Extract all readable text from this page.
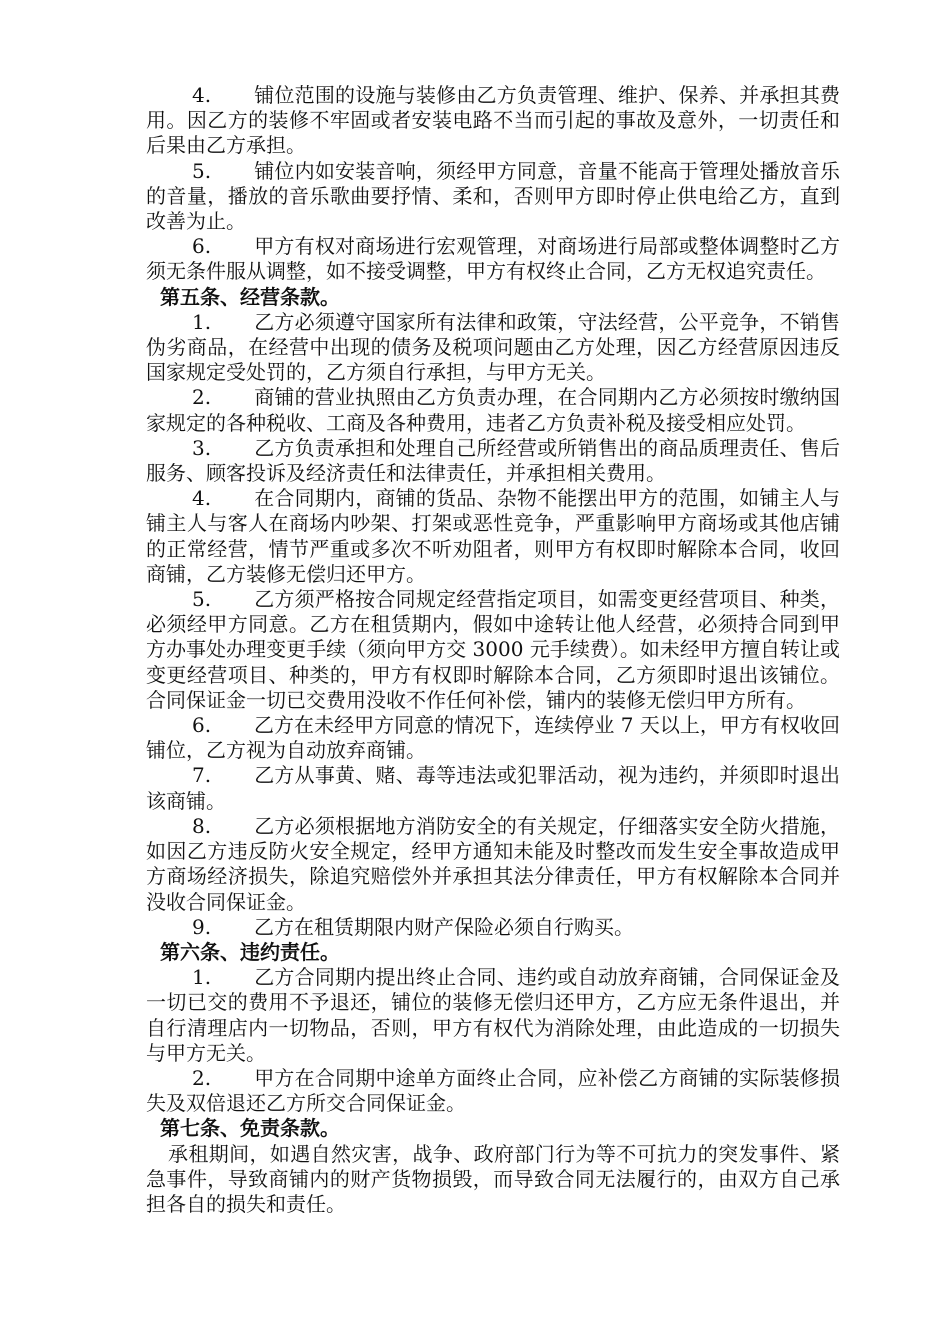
4. 铺位范围的设施与装修由乙方负责管理、维护、保养、并承担其费用。因乙方的装修不牢固或者安装电路不当而引起的事故及意外，一切责任和后果由乙方承担。

5. 铺位内如安装音响，须经甲方同意，音量不能高于管理处播放音乐的音量，播放的音乐歌曲要抒情、柔和，否则甲方即时停止供电给乙方，直到改善为止。

6. 甲方有权对商场进行宏观管理，对商场进行局部或整体调整时乙方须无条件服从调整，如不接受调整，甲方有权终止合同，乙方无权追究责任。

第五条、经营条款。

1. 乙方必须遵守国家所有法律和政策，守法经营，公平竞争，不销售伪劣商品，在经营中出现的债务及税项问题由乙方处理，因乙方经营原因违反国家规定受处罚的，乙方须自行承担，与甲方无关。

2. 商铺的营业执照由乙方负责办理，在合同期内乙方必须按时缴纳国家规定的各种税收、工商及各种费用，违者乙方负责补税及接受相应处罚。

3. 乙方负责承担和处理自己所经营或所销售出的商品质理责任、售后服务、顾客投诉及经济责任和法律责任，并承担相关费用。

4. 在合同期内，商铺的货品、杂物不能摆出甲方的范围，如铺主人与铺主人与客人在商场内吵架、打架或恶性竞争，严重影响甲方商场或其他店铺的正常经营，情节严重或多次不听劝阻者，则甲方有权即时解除本合同，收回商铺，乙方装修无偿归还甲方。

5. 乙方须严格按合同规定经营指定项目，如需变更经营项目、种类，必须经甲方同意。乙方在租赁期内，假如中途转让他人经营，必须持合同到甲方办事处办理变更手续（须向甲方交 3000 元手续费）。如未经甲方擅自转让或变更经营项目、种类的，甲方有权即时解除本合同，乙方须即时退出该铺位。合同保证金一切已交费用没收不作任何补偿，铺内的装修无偿归甲方所有。

6. 乙方在未经甲方同意的情况下，连续停业 7 天以上，甲方有权收回铺位，乙方视为自动放弃商铺。

7. 乙方从事黄、赌、毒等违法或犯罪活动，视为违约，并须即时退出该商铺。

8. 乙方必须根据地方消防安全的有关规定，仔细落实安全防火措施，如因乙方违反防火安全规定，经甲方通知未能及时整改而发生安全事故造成甲方商场经济损失，除追究赔偿外并承担其法分律责任，甲方有权解除本合同并没收合同保证金。

9. 乙方在租赁期限内财产保险必须自行购买。

第六条、违约责任。

1. 乙方合同期内提出终止合同、违约或自动放弃商铺，合同保证金及一切已交的费用不予退还，铺位的装修无偿归还甲方，乙方应无条件退出，并自行清理店内一切物品，否则，甲方有权代为消除处理，由此造成的一切损失与甲方无关。

2. 甲方在合同期中途单方面终止合同，应补偿乙方商铺的实际装修损失及双倍退还乙方所交合同保证金。

第七条、免责条款。

承租期间，如遇自然灾害，战争、政府部门行为等不可抗力的突发事件、紧急事件，导致商铺内的财产货物损毁，而导致合同无法履行的，由双方自己承担各自的损失和责任。
